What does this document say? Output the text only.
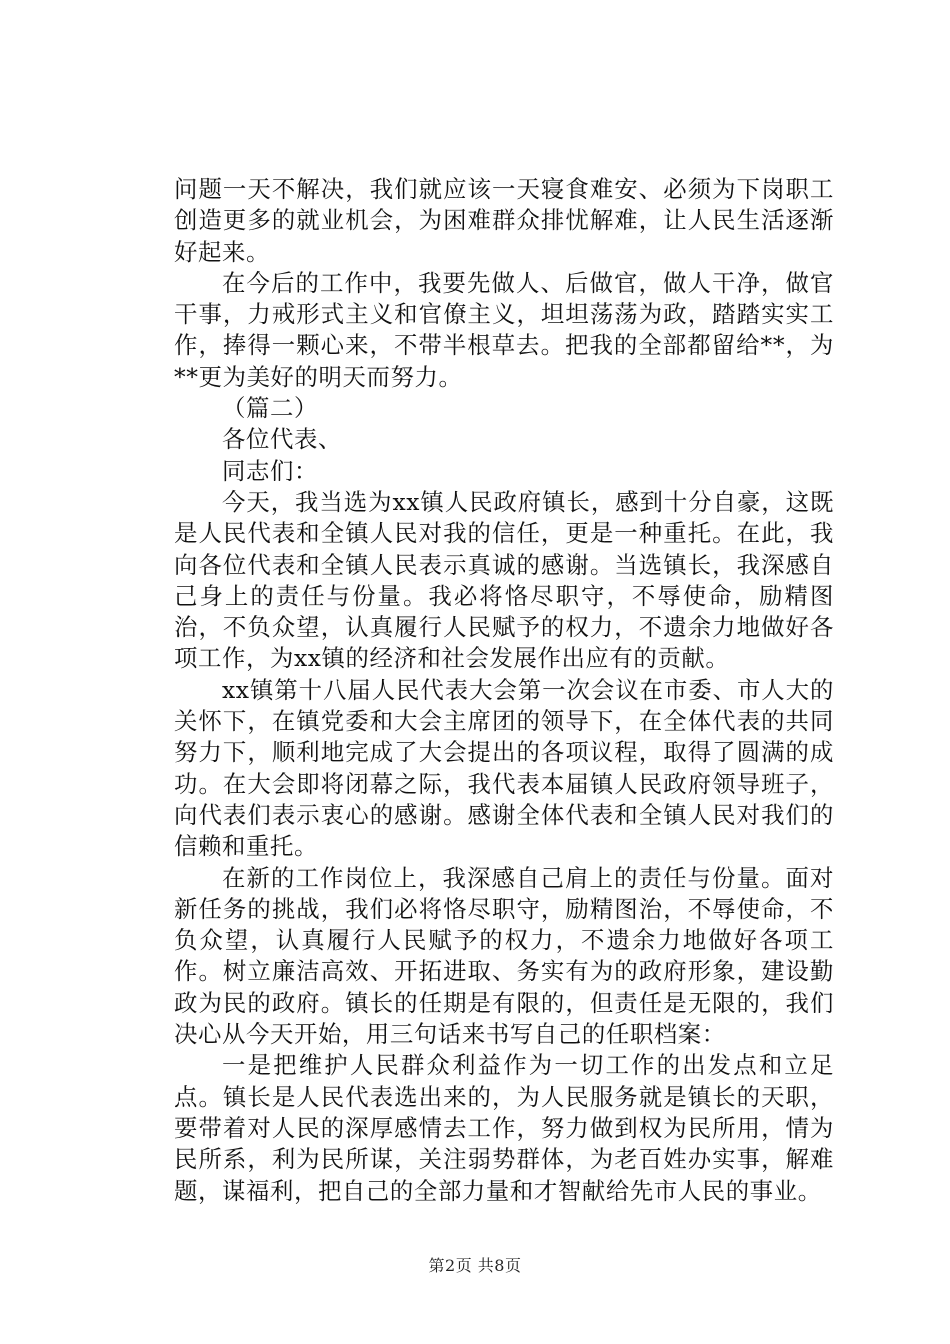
问题一天不解决，我们就应该一天寝食难安、必须为下岗职工创造更多的就业机会，为困难群众排忧解难，让人民生活逐渐好起来。

在今后的工作中，我要先做人、后做官，做人干净，做官干事，力戒形式主义和官僚主义，坦坦荡荡为政，踏踏实实工作，捧得一颗心来，不带半根草去。把我的全部都留给**，为**更为美好的明天而努力。

（篇二）

各位代表、

同志们：

今天，我当选为xx镇人民政府镇长，感到十分自豪，这既是人民代表和全镇人民对我的信任，更是一种重托。在此，我向各位代表和全镇人民表示真诚的感谢。当选镇长，我深感自己身上的责任与份量。我必将恪尽职守，不辱使命，励精图治，不负众望，认真履行人民赋予的权力，不遗余力地做好各项工作，为xx镇的经济和社会发展作出应有的贡献。

xx镇第十八届人民代表大会第一次会议在市委、市人大的关怀下，在镇党委和大会主席团的领导下，在全体代表的共同努力下，顺利地完成了大会提出的各项议程，取得了圆满的成功。在大会即将闭幕之际，我代表本届镇人民政府领导班子，向代表们表示衷心的感谢。感谢全体代表和全镇人民对我们的信赖和重托。

在新的工作岗位上，我深感自己肩上的责任与份量。面对新任务的挑战，我们必将恪尽职守，励精图治，不辱使命，不负众望，认真履行人民赋予的权力，不遗余力地做好各项工作。树立廉洁高效、开拓进取、务实有为的政府形象，建设勤政为民的政府。镇长的任期是有限的，但责任是无限的，我们决心从今天开始，用三句话来书写自己的任职档案：

一是把维护人民群众利益作为一切工作的出发点和立足点。镇长是人民代表选出来的，为人民服务就是镇长的天职，要带着对人民的深厚感情去工作，努力做到权为民所用，情为民所系，利为民所谋，关注弱势群体，为老百姓办实事，解难题，谋福利，把自己的全部力量和才智献给先市人民的事业。

第2页 共8页
